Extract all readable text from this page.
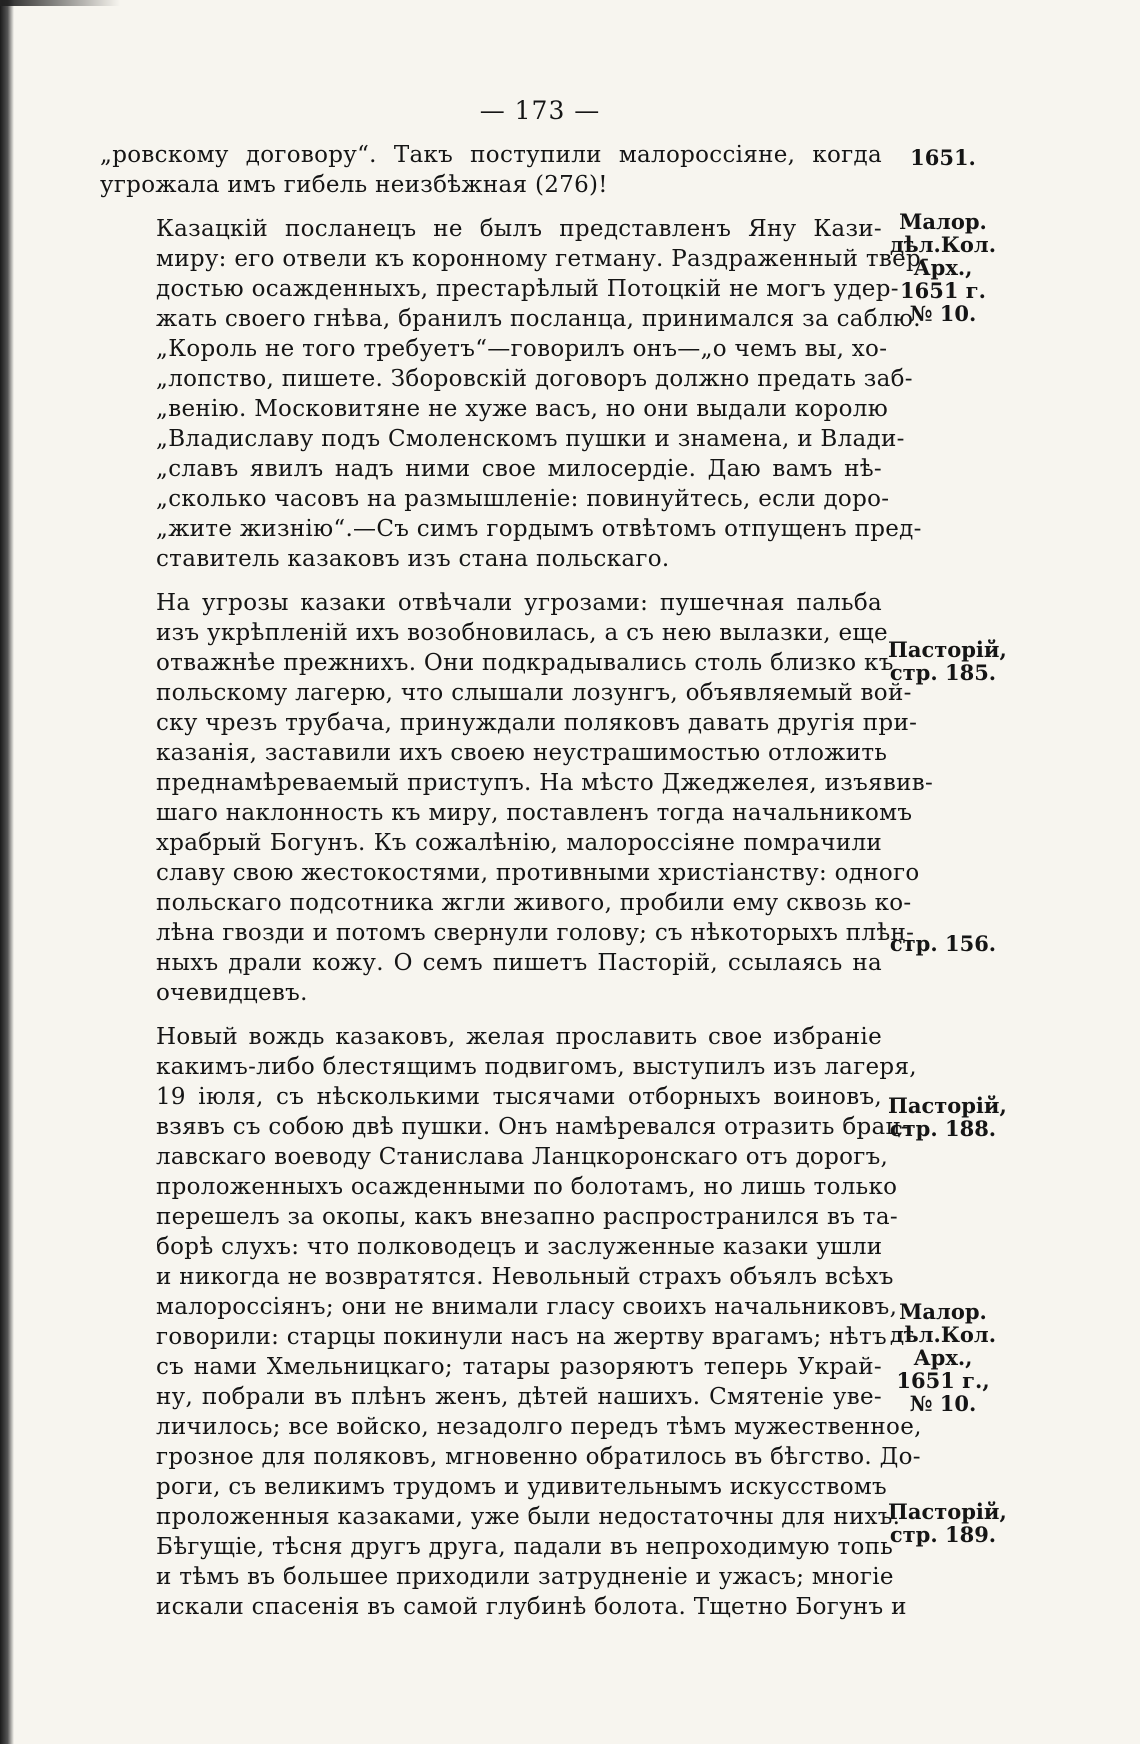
— 173 —

„ровскому договору“. Такъ поступили малороссіяне, когда
угрожала имъ гибель неизбѣжная (276)!

Казацкій посланецъ не былъ представленъ Яну Кази-
миру: его отвели къ коронному гетману. Раздраженный твер-
достью осажденныхъ, престарѣлый Потоцкій не могъ удер-
жать своего гнѣва, бранилъ посланца, принимался за саблю.
„Король не того требуетъ“—говорилъ онъ—„о чемъ вы, хо-
„лопство, пишете. Зборовскій договоръ должно предать заб-
„венію. Московитяне не хуже васъ, но они выдали королю
„Владиславу подъ Смоленскомъ пушки и знамена, и Влади-
„славъ явилъ надъ ними свое милосердіе. Даю вамъ нѣ-
„сколько часовъ на размышленіе: повинуйтесь, если доро-
„жите жизнію“.—Съ симъ гордымъ отвѣтомъ отпущенъ пред-
ставитель казаковъ изъ стана польскаго.

На угрозы казаки отвѣчали угрозами: пушечная пальба
изъ укрѣпленій ихъ возобновилась, а съ нею вылазки, еще
отважнѣе прежнихъ. Они подкрадывались столь близко къ
польскому лагерю, что слышали лозунгъ, объявляемый вой-
ску чрезъ трубача, принуждали поляковъ давать другія при-
казанія, заставили ихъ своею неустрашимостью отложить
преднамѣреваемый приступъ. На мѣсто Джеджелея, изъявив-
шаго наклонность къ миру, поставленъ тогда начальникомъ
храбрый Богунъ. Къ сожалѣнію, малороссіяне помрачили
славу свою жестокостями, противными христіанству: одного
польскаго подсотника жгли живого, пробили ему сквозь ко-
лѣна гвозди и потомъ свернули голову; съ нѣкоторыхъ плѣн-
ныхъ драли кожу. О семъ пишетъ Пасторій, ссылаясь на
очевидцевъ.

Новый вождь казаковъ, желая прославить свое избраніе
какимъ-либо блестящимъ подвигомъ, выступилъ изъ лагеря,
19 іюля, съ нѣсколькими тысячами отборныхъ воиновъ,
взявъ съ собою двѣ пушки. Онъ намѣревался отразить брац-
лавскаго воеводу Станислава Ланцкоронскаго отъ дорогъ,
проложенныхъ осажденными по болотамъ, но лишь только
перешелъ за окопы, какъ внезапно распространился въ та-
борѣ слухъ: что полководецъ и заслуженные казаки ушли
и никогда не возвратятся. Невольный страхъ объялъ всѣхъ
малороссіянъ; они не внимали гласу своихъ начальниковъ,
говорили: старцы покинули насъ на жертву врагамъ; нѣтъ
съ нами Хмельницкаго; татары разоряютъ теперь Украй-
ну, побрали въ плѣнъ женъ, дѣтей нашихъ. Смятеніе уве-
личилось; все войско, незадолго передъ тѣмъ мужественное,
грозное для поляковъ, мгновенно обратилось въ бѣгство. До-
роги, съ великимъ трудомъ и удивительнымъ искусствомъ
проложенныя казаками, уже были недостаточны для нихъ.
Бѣгущіе, тѣсня другъ друга, падали въ непроходимую топь
и тѣмъ въ большее приходили затрудненіе и ужасъ; многіе
искали спасенія въ самой глубинѣ болота. Тщетно Богунъ и

1651.
Малор.
дѣл.Кол.
Арх.,
1651 г.
№ 10.
Пасторій,
стр. 185.
стр. 156.
Пасторій,
стр. 188.
Малор.
дѣл.Кол.
Арх.,
1651 г.,
№ 10.
Пасторій,
стр. 189.
